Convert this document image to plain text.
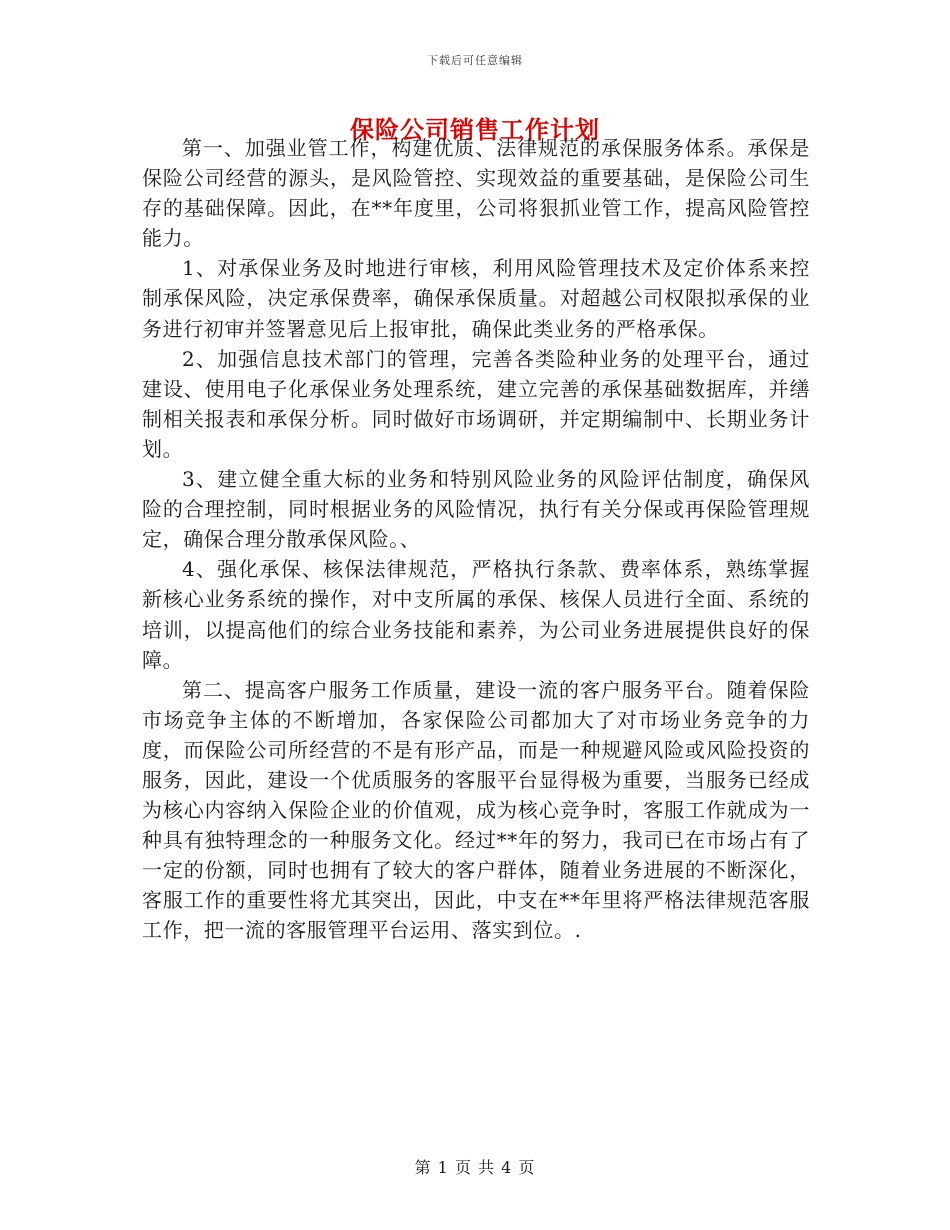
下载后可任意编辑
保险公司销售工作计划

第一、加强业管工作，构建优质、法律规范的承保服务体系。承保是保险公司经营的源头，是风险管控、实现效益的重要基础，是保险公司生存的基础保障。因此，在**年度里，公司将狠抓业管工作，提高风险管控能力。

1、对承保业务及时地进行审核，利用风险管理技术及定价体系来控制承保风险，决定承保费率，确保承保质量。对超越公司权限拟承保的业务进行初审并签署意见后上报审批，确保此类业务的严格承保。

2、加强信息技术部门的管理，完善各类险种业务的处理平台，通过建设、使用电子化承保业务处理系统，建立完善的承保基础数据库，并缮制相关报表和承保分析。同时做好市场调研，并定期编制中、长期业务计划。

3、建立健全重大标的业务和特别风险业务的风险评估制度，确保风险的合理控制，同时根据业务的风险情况，执行有关分保或再保险管理规定，确保合理分散承保风险。、

4、强化承保、核保法律规范，严格执行条款、费率体系，熟练掌握新核心业务系统的操作，对中支所属的承保、核保人员进行全面、系统的培训，以提高他们的综合业务技能和素养，为公司业务进展提供良好的保障。

第二、提高客户服务工作质量，建设一流的客户服务平台。随着保险市场竞争主体的不断增加，各家保险公司都加大了对市场业务竞争的力度，而保险公司所经营的不是有形产品，而是一种规避风险或风险投资的服务，因此，建设一个优质服务的客服平台显得极为重要，当服务已经成为核心内容纳入保险企业的价值观，成为核心竞争时，客服工作就成为一种具有独特理念的一种服务文化。经过**年的努力，我司已在市场占有了一定的份额，同时也拥有了较大的客户群体，随着业务进展的不断深化，客服工作的重要性将尤其突出，因此，中支在**年里将严格法律规范客服工作，把一流的客服管理平台运用、落实到位。.

第 1 页 共 4 页
